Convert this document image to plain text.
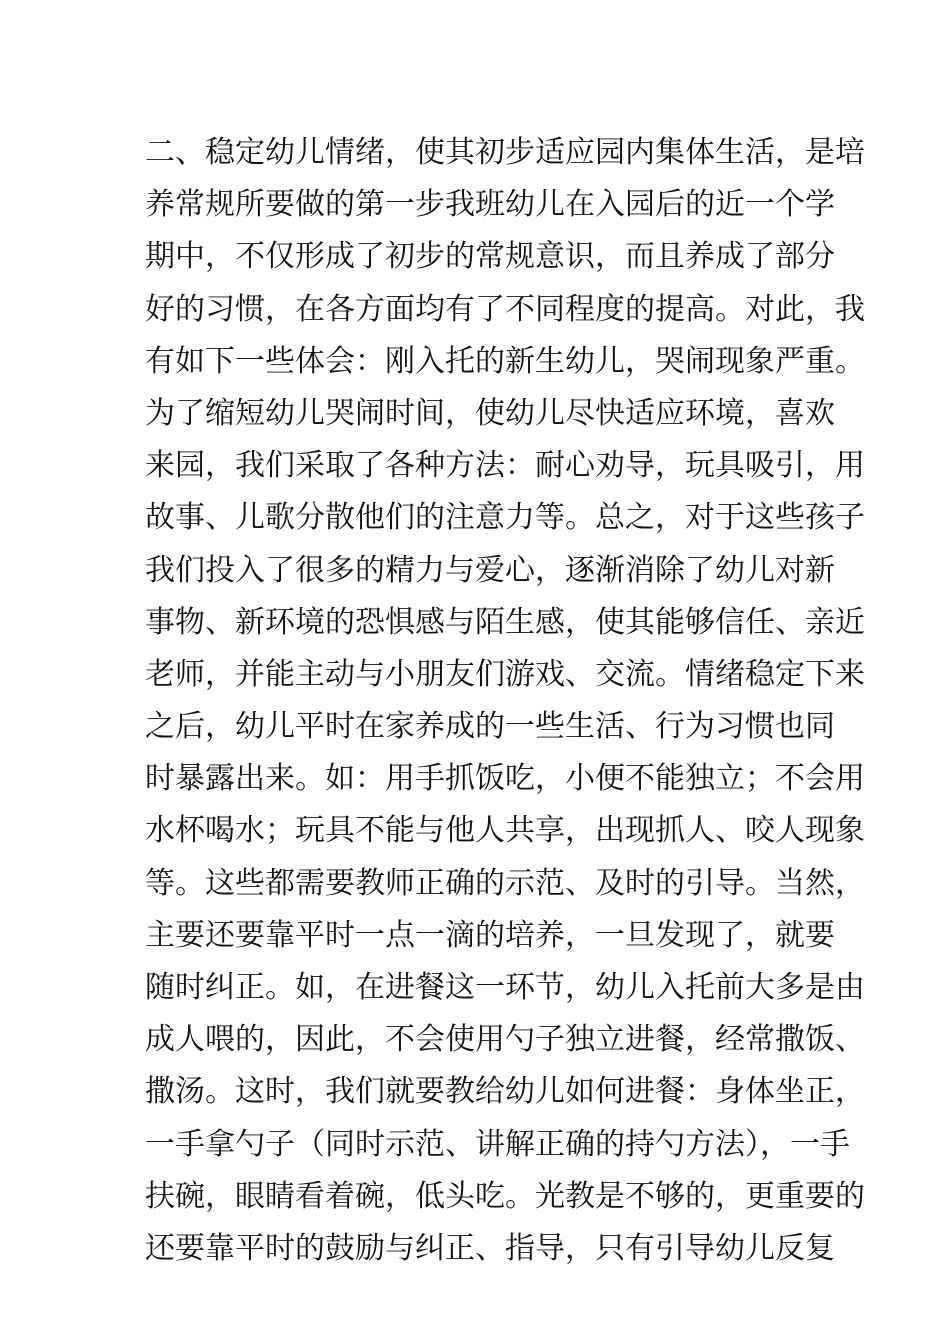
二、稳定幼儿情绪，使其初步适应园内集体生活，是培
养常规所要做的第一步我班幼儿在入园后的近一个学
期中，不仅形成了初步的常规意识，而且养成了部分
好的习惯，在各方面均有了不同程度的提高。对此，我
有如下一些体会：刚入托的新生幼儿，哭闹现象严重。
为了缩短幼儿哭闹时间，使幼儿尽快适应环境，喜欢
来园，我们采取了各种方法：耐心劝导，玩具吸引，用
故事、儿歌分散他们的注意力等。总之，对于这些孩子
我们投入了很多的精力与爱心，逐渐消除了幼儿对新
事物、新环境的恐惧感与陌生感，使其能够信任、亲近
老师，并能主动与小朋友们游戏、交流。情绪稳定下来
之后，幼儿平时在家养成的一些生活、行为习惯也同
时暴露出来。如：用手抓饭吃，小便不能独立；不会用
水杯喝水；玩具不能与他人共享，出现抓人、咬人现象
等。这些都需要教师正确的示范、及时的引导。当然，
主要还要靠平时一点一滴的培养，一旦发现了，就要
随时纠正。如，在进餐这一环节，幼儿入托前大多是由
成人喂的，因此，不会使用勺子独立进餐，经常撒饭、
撒汤。这时，我们就要教给幼儿如何进餐：身体坐正，
一手拿勺子（同时示范、讲解正确的持勺方法），一手
扶碗，眼睛看着碗，低头吃。光教是不够的，更重要的
还要靠平时的鼓励与纠正、指导，只有引导幼儿反复
